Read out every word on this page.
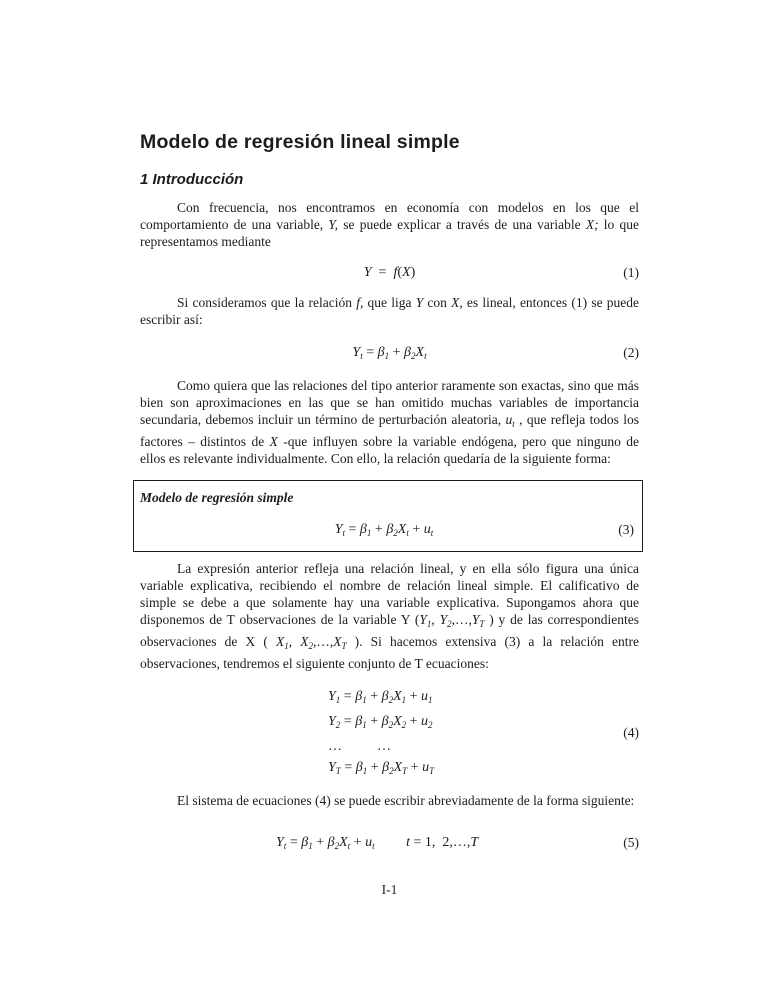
Modelo de regresión lineal simple
1 Introducción

Con frecuencia, nos encontramos en economía con modelos en los que el comportamiento de una variable, Y, se puede explicar a través de una variable X; lo que representamos mediante

Y  =  f(X)	(1)

Si consideramos que la relación f, que liga Y con X, es lineal, entonces (1) se puede escribir así:

$Y_t = \beta_1 + \beta_2X_t$	(2)

Como quiera que las relaciones del tipo anterior raramente son exactas, sino que más bien son aproximaciones en las que se han omitido muchas variables de importancia secundaria, debemos incluir un término de perturbación aleatoria, $u_t$ , que refleja todos los factores – distintos de X -que influyen sobre la variable endógena, pero que ninguno de ellos es relevante individualmente. Con ello, la relación quedaría de la siguiente forma:

Modelo de regresión simple
$Y_t = \beta_1 + \beta_2X_t + u_t$	(3)

La expresión anterior refleja una relación lineal, y en ella sólo figura una única variable explicativa, recibiendo el nombre de relación lineal simple. El calificativo de simple se debe a que solamente hay una variable explicativa. Supongamos ahora que disponemos de T observaciones de la variable Y ($Y_1$, $Y_2,\dots,Y_T$ ) y de las correspondientes observaciones de X ( $X_1$, $X_2,\dots,X_T$ ). Si hacemos extensiva (3) a la relación entre observaciones, tendremos el siguiente conjunto de T ecuaciones:

$Y_1 = \beta_1 + \beta_2X_1 + u_1$
$Y_2 = \beta_1 + \beta_2X_2 + u_2$
…          …
$Y_T = \beta_1 + \beta_2X_T + u_T$
(4)

El sistema de ecuaciones (4) se puede escribir abreviadamente de la forma siguiente:

$Y_t = \beta_1 + \beta_2X_t + u_t$ t = 1,  2,…,T	(5)
I-1
